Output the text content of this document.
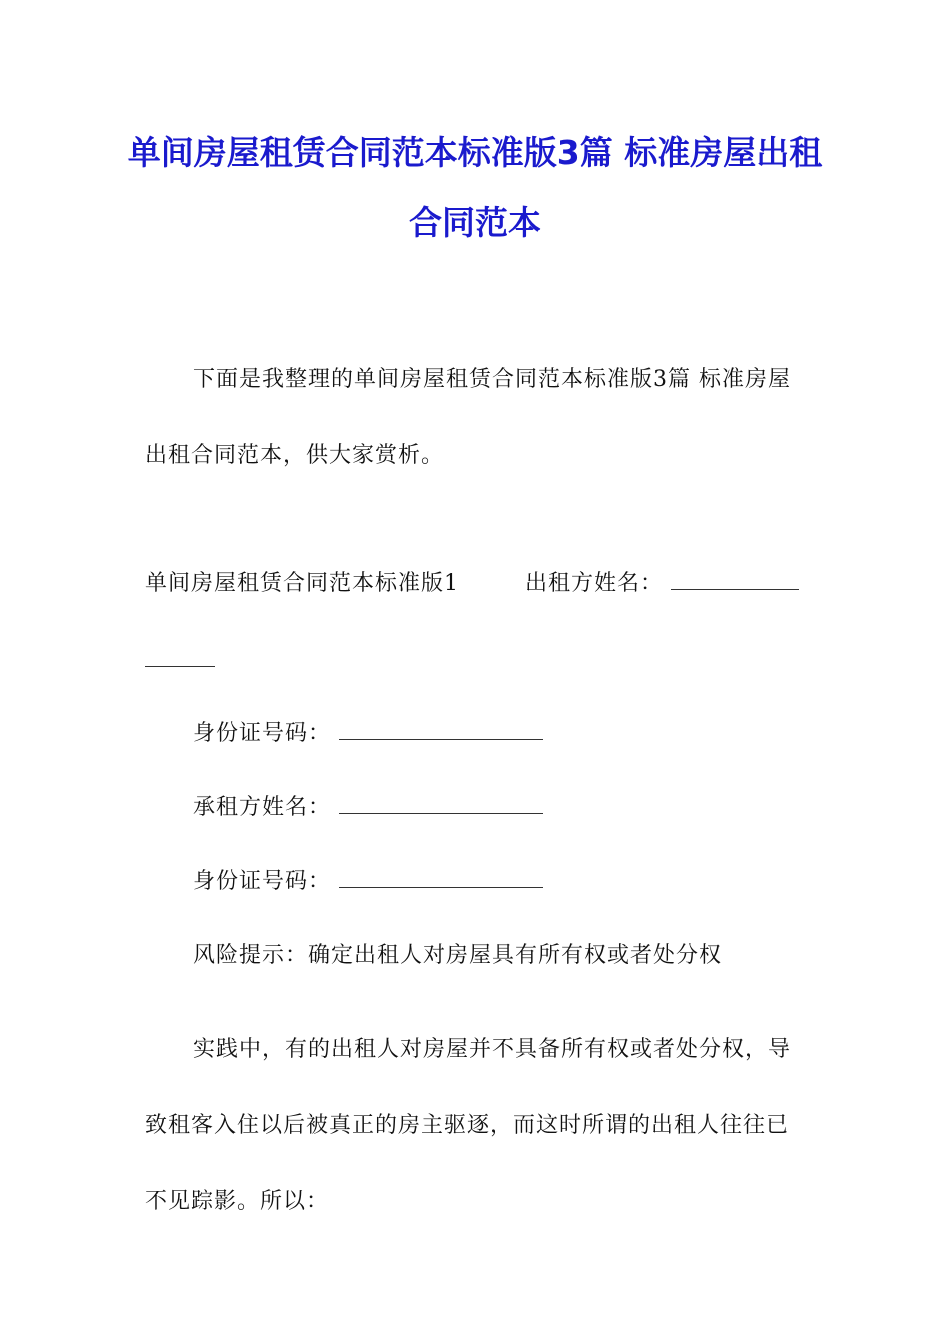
单间房屋租赁合同范本标准版3篇 标准房屋出租合同范本

下面是我整理的单间房屋租赁合同范本标准版3篇 标准房屋出租合同范本，供大家赏析。

单间房屋租赁合同范本标准版1	出租方姓名：
身份证号码：
承租方姓名：
身份证号码：

风险提示：确定出租人对房屋具有所有权或者处分权

实践中，有的出租人对房屋并不具备所有权或者处分权，导致租客入住以后被真正的房主驱逐，而这时所谓的出租人往往已不见踪影。所以：
